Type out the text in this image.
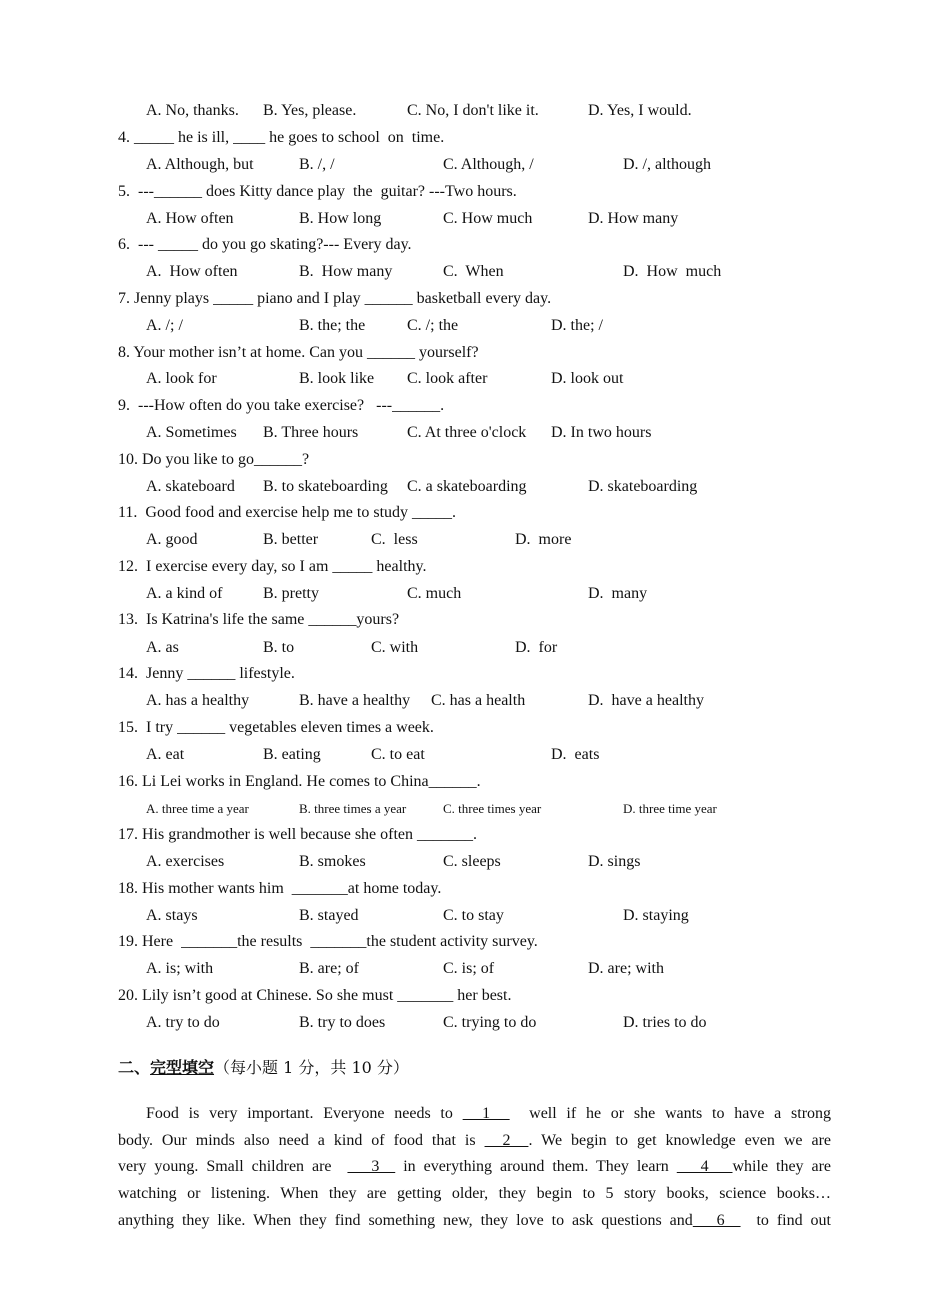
A. No, thanks. B. Yes, please.	C. No, I don't like it.	D. Yes, I would.
4. _____ he is ill, ____ he goes to school  on  time.
A. Although, but	B. /, /	C. Although, /	D. /, although
5.  ---______ does Kitty dance play  the  guitar? ---Two hours.
A. How often	B. How long	C. How much	D. How many
6.  --- _____ do you go skating?--- Every day.
A.  How often	B.  How many	C.  When	D.  How  much
7. Jenny plays _____ piano and I play ______ basketball every day.
A. /; /	B. the; the	C. /; the	D. the; /
8. Your mother isn’t at home. Can you ______ yourself?
A. look for	B. look like C. look after	D. look out
9.  ---How often do you take exercise?   ---______.
A. Sometimes B. Three hours	C. At three o'clock D. In two hours
10. Do you like to go______?
A. skateboard B. to skateboarding C. a skateboarding	D. skateboarding
11.  Good food and exercise help me to study _____.
A. good	B. better	C.  less	D.  more
12.  I exercise every day, so I am _____ healthy.
A. a kind of	B. pretty	C. much	D.  many
13.  Is Katrina's life the same ______yours?
A. as	B. to	C. with	D.  for
14.  Jenny ______ lifestyle.
A. has a healthy	B. have a healthy C. has a health	D.  have a healthy
15.  I try ______ vegetables eleven times a week.
A. eat	B. eating	C. to eat	D.  eats
16. Li Lei works in England. He comes to China______.
A. three time a year	B. three times a year	C. three times year	D. three time year
17. His grandmother is well because she often _______.
A. exercises	B. smokes	C. sleeps	D. sings
18. His mother wants him  _______at home today.
A. stays	B. stayed	C. to stay	D. staying
19. Here  _______the results  _______the student activity survey.
A. is; with	B. are; of	C. is; of	D. are; with
20. Lily isn’t good at Chinese. So she must _______ her best.
A. try to do	B. try to does	C. trying to do	D. tries to do
二、完型填空（每小题 1 分，共 10 分）
Food is very important. Everyone needs to   1    well if he or she wants to have a strong
body. Our minds also need a kind of food that is   2  . We begin to get knowledge even we are
very young. Small children are     3   in everything around them. They learn    4   while they are
watching or listening. When they are getting older, they begin to 5 story books, science books…
anything they like. When they find something new, they love to ask questions and   6    to find out
